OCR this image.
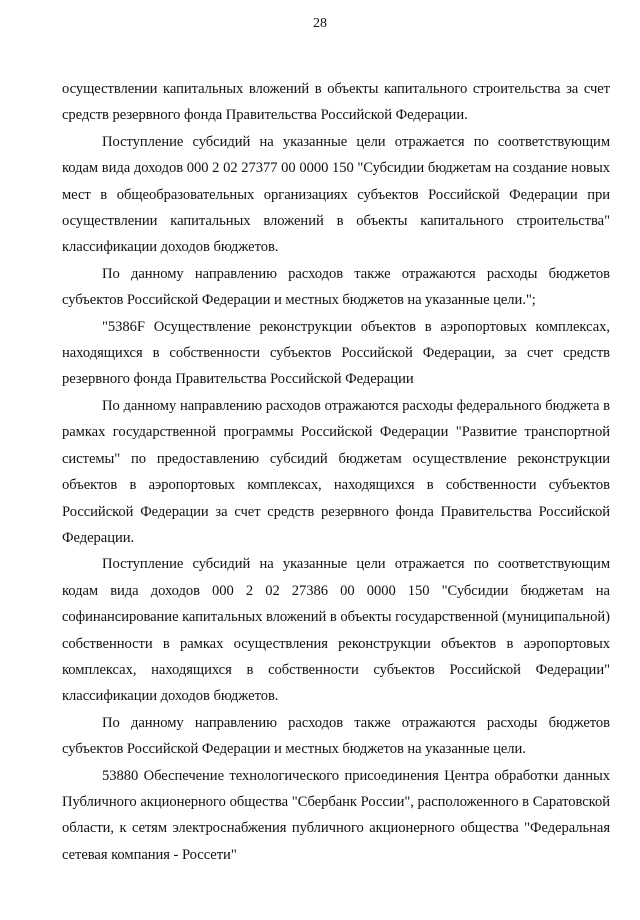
28

осуществлении капитальных вложений в объекты капитального строительства за счет средств резервного фонда Правительства Российской Федерации.

Поступление субсидий на указанные цели отражается по соответствующим кодам вида доходов 000 2 02 27377 00 0000 150 "Субсидии бюджетам на создание новых мест в общеобразовательных организациях субъектов Российской Федерации при осуществлении капитальных вложений в объекты капитального строительства" классификации доходов бюджетов.

По данному направлению расходов также отражаются расходы бюджетов субъектов Российской Федерации и местных бюджетов на указанные цели.";

"5386F Осуществление реконструкции объектов в аэропортовых комплексах, находящихся в собственности субъектов Российской Федерации, за счет средств резервного фонда Правительства Российской Федерации

По данному направлению расходов отражаются расходы федерального бюджета в рамках государственной программы Российской Федерации "Развитие транспортной системы" по предоставлению субсидий бюджетам осуществление реконструкции объектов в аэропортовых комплексах, находящихся в собственности субъектов Российской Федерации за счет средств резервного фонда Правительства Российской Федерации.

Поступление субсидий на указанные цели отражается по соответствующим кодам вида доходов 000 2 02 27386 00 0000 150 "Субсидии бюджетам на софинансирование капитальных вложений в объекты государственной (муниципальной) собственности в рамках осуществления реконструкции объектов в аэропортовых комплексах, находящихся в собственности субъектов Российской Федерации" классификации доходов бюджетов.

По данному направлению расходов также отражаются расходы бюджетов субъектов Российской Федерации и местных бюджетов на указанные цели.

53880 Обеспечение технологического присоединения Центра обработки данных Публичного акционерного общества "Сбербанк России", расположенного в Саратовской области, к сетям электроснабжения публичного акционерного общества "Федеральная сетевая компания - Россети"
